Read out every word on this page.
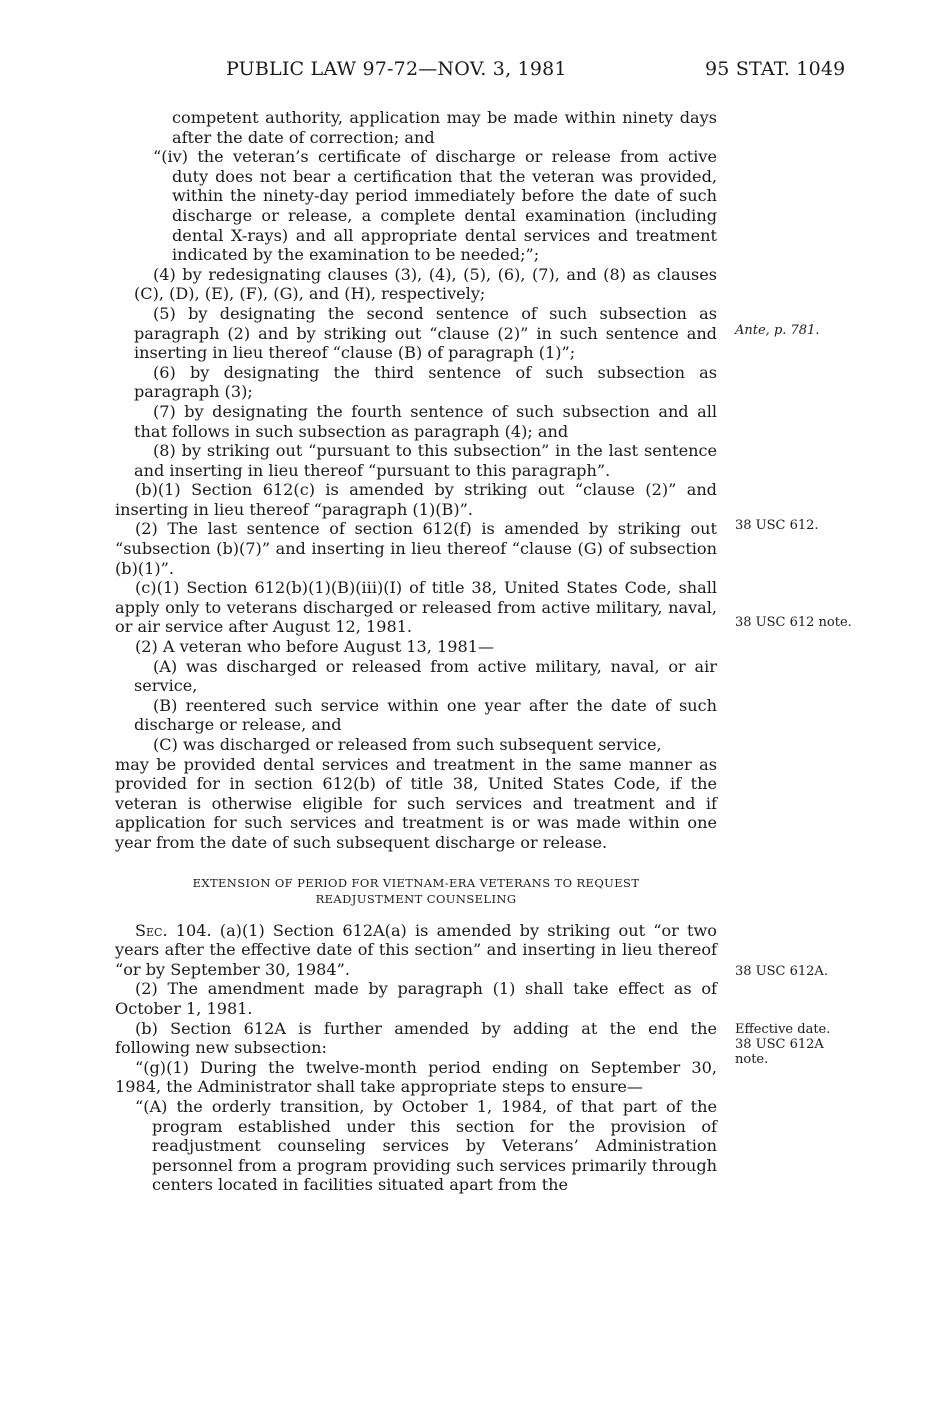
PUBLIC LAW 97-72—NOV. 3, 1981	95 STAT. 1049

competent authority, application may be made within ninety days after the date of correction; and

“(iv) the veteran’s certificate of discharge or release from active duty does not bear a certification that the veteran was provided, within the ninety-day period immediately before the date of such discharge or release, a complete dental examination (including dental X-rays) and all appropriate dental services and treatment indicated by the examination to be needed;”;

(4) by redesignating clauses (3), (4), (5), (6), (7), and (8) as clauses (C), (D), (E), (F), (G), and (H), respectively;

(5) by designating the second sentence of such subsection as paragraph (2) and by striking out “clause (2)” in such sentence and inserting in lieu thereof “clause (B) of paragraph (1)”;

(6) by designating the third sentence of such subsection as paragraph (3);

(7) by designating the fourth sentence of such subsection and all that follows in such subsection as paragraph (4); and

(8) by striking out “pursuant to this subsection” in the last sentence and inserting in lieu thereof “pursuant to this paragraph”.

(b)(1) Section 612(c) is amended by striking out “clause (2)” and inserting in lieu thereof “paragraph (1)(B)”.

(2) The last sentence of section 612(f) is amended by striking out “subsection (b)(7)” and inserting in lieu thereof “clause (G) of subsection (b)(1)”.

(c)(1) Section 612(b)(1)(B)(iii)(I) of title 38, United States Code, shall apply only to veterans discharged or released from active military, naval, or air service after August 12, 1981.

(2) A veteran who before August 13, 1981—

(A) was discharged or released from active military, naval, or air service,

(B) reentered such service within one year after the date of such discharge or release, and

(C) was discharged or released from such subsequent service,

may be provided dental services and treatment in the same manner as provided for in section 612(b) of title 38, United States Code, if the veteran is otherwise eligible for such services and treatment and if application for such services and treatment is or was made within one year from the date of such subsequent discharge or release.

EXTENSION OF PERIOD FOR VIETNAM-ERA VETERANS TO REQUEST READJUSTMENT COUNSELING

Sec. 104. (a)(1) Section 612A(a) is amended by striking out “or two years after the effective date of this section” and inserting in lieu thereof “or by September 30, 1984”.

(2) The amendment made by paragraph (1) shall take effect as of October 1, 1981.

(b) Section 612A is further amended by adding at the end the following new subsection:

“(g)(1) During the twelve-month period ending on September 30, 1984, the Administrator shall take appropriate steps to ensure—

“(A) the orderly transition, by October 1, 1984, of that part of the program established under this section for the provision of readjustment counseling services by Veterans’ Administration personnel from a program providing such services primarily through centers located in facilities situated apart from the

Ante, p. 781.
38 USC 612.
38 USC 612 note.
38 USC 612A.
Effective date.
38 USC 612A
note.
